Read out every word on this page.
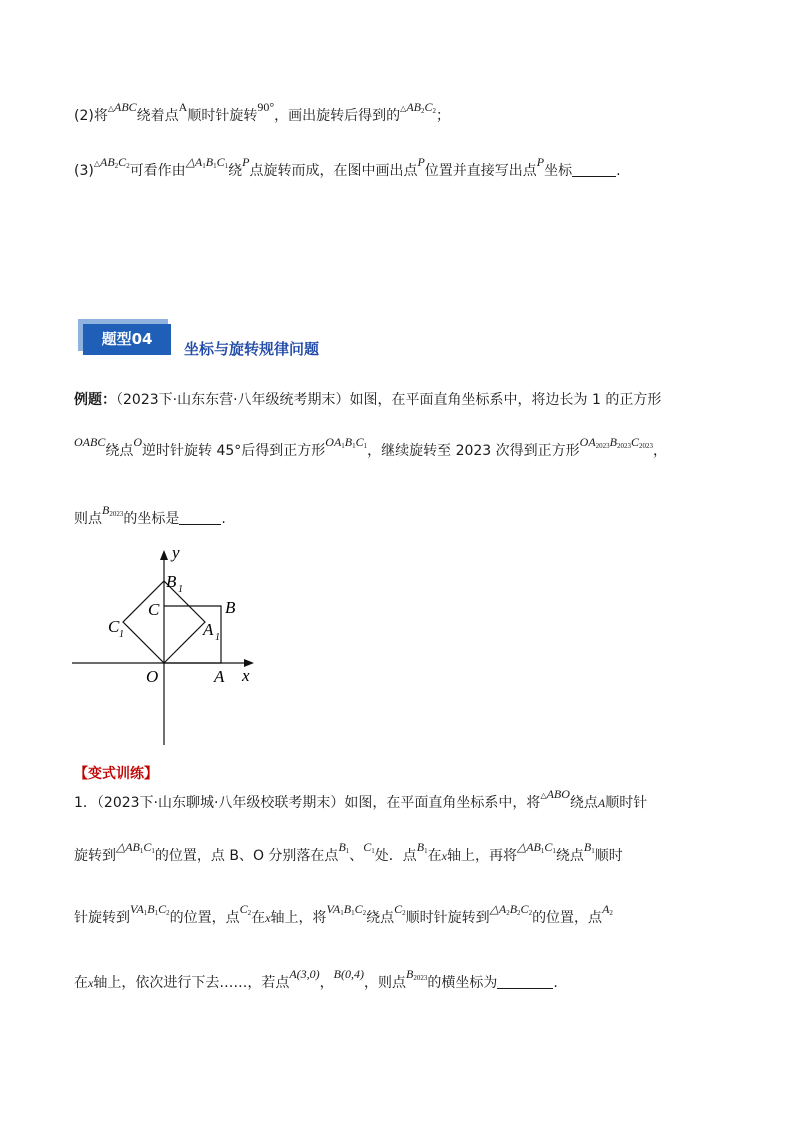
(2)将△ABC绕着点A顺时针旋转90°，画出旋转后得到的$\triangle AB_2C_2$；
$(3)\triangle AB_2C_2$可看作由$\triangle A_1B_1C_1$绕P点旋转而成，在图中画出点P位置并直接写出点P坐标	.
题型04
坐标与旋转规律问题
例题：（2023下·山东东营·八年级统考期末）如图，在平面直角坐标系中，将边长为 1 的正方形
OABC绕点O逆时针旋转 45°后得到正方形$OA_1B_1C_1$，继续旋转至 2023 次得到正方形$OA_{2023}B_{2023}C_{2023}$，
则点$B_{2023}$的坐标是	.
y
x
O	A
B
C
B 1
A 1
C 1
【变式训练】
1．（2023下·山东聊城·八年级校联考期末）如图，在平面直角坐标系中，将△ABO绕点A顺时针
旋转到$\triangle AB_1C_1$的位置，点 B、O 分别落在点$B_1$、$C_1$处．点$B_1$在x轴上，再将$\triangle AB_1C_1$绕点$B_1$顺时
针旋转到$VA_1B_1C_2$的位置，点$C_2$在x轴上，将$VA_1B_1C_2$绕点$C_2$顺时针旋转到$\triangle A_2B_2C_2$的位置，点$A_2$
在x轴上，依次进行下去……，若点A(3,0)，B(0,4)，则点$B_{2023}$的横坐标为	.
